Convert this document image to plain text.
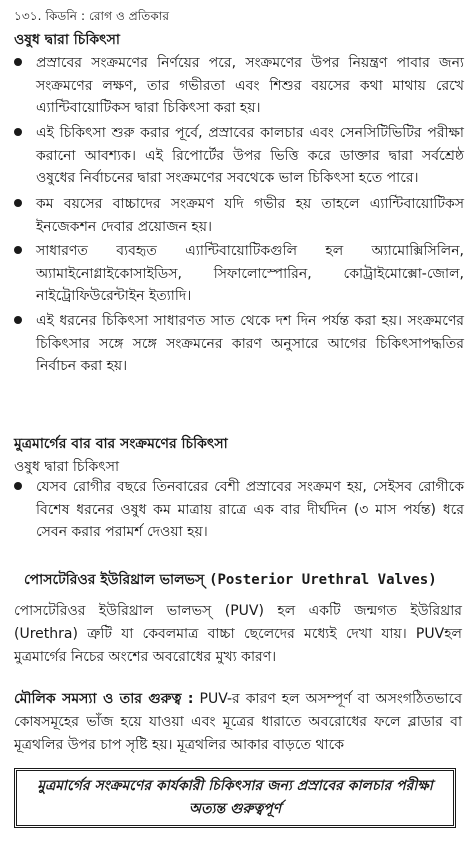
১৩১. কিডনি : রোগ ও প্রতিকার
ওষুধ দ্বারা চিকিৎসা
প্রস্রাবের সংক্রমণের নির্ণয়ের পরে, সংক্রমণের উপর নিয়ন্ত্রণ পাবার জন্য সংক্রমণের লক্ষণ, তার গভীরতা এবং শিশুর বয়সের কথা মাথায় রেখে এ্যান্টিবায়োটিকস দ্বারা চিকিৎসা করা হয়।
এই চিকিৎসা শুরু করার পূর্বে, প্রস্রাবের কালচার এবং সেনসিটিভিটির পরীক্ষা করানো আবশ্যক। এই রিপোর্টের উপর ভিত্তি করে ডাক্তার দ্বারা সর্বশ্রেষ্ঠ ওষুধের নির্বাচনের দ্বারা সংক্রমণের সবথেকে ভাল চিকিৎসা হতে পারে।
কম বয়সের বাচ্চাদের সংক্রমণ যদি গভীর হয় তাহলে এ্যান্টিবায়োটিকস ইনজেকশন দেবার প্রয়োজন হয়।
সাধারণত ব্যবহৃত এ্যান্টিবায়োটিকগুলি হল অ্যামোক্সিসিলিন, অ্যামাইনোগ্লাইকোসাইডিস, সিফালোস্পোরিন, কোট্রাইমোক্সো-জোল, নাইট্রোফিউরেন্টাইন ইত্যাদি।
এই ধরনের চিকিৎসা সাধারণত সাত থেকে দশ দিন পর্যন্ত করা হয়। সংক্রমণের চিকিৎসার সঙ্গে সঙ্গে সংক্রমনের কারণ অনুসারে আগের চিকিৎসাপদ্ধতির নির্বাচন করা হয়।
মুত্রমার্গের বার বার সংক্রমণের চিকিৎসা
ওষুধ দ্বারা চিকিৎসা
যেসব রোগীর বছরে তিনবারের বেশী প্রস্রাবের সংক্রমণ হয়, সেইসব রোগীকে বিশেষ ধরনের ওষুধ কম মাত্রায় রাত্রে এক বার দীর্ঘদিন (৩ মাস পর্যন্ত) ধরে সেবন করার পরামর্শ দেওয়া হয়।
পোসটেরিওর ইউরিথ্রাল ভালভস্ (Posterior Urethral Valves)
পোসটেরিওর ইউরিথ্রাল ভালভস্ (PUV) হল একটি জন্মগত ইউরিথ্রার (Urethra) ত্রুটি যা কেবলমাত্র বাচ্চা ছেলেদের মধ্যেই দেখা যায়। PUVহল মুত্রমার্গের নিচের অংশের অবরোধের মুখ্য কারণ।
মৌলিক সমস্যা ও তার গুরুত্ব : PUV-র কারণ হল অসম্পূর্ণ বা অসংগঠিতভাবে কোষসমূহের ভাঁজ হয়ে যাওয়া এবং মূত্রের ধারাতে অবরোধের ফলে ব্লাডার বা মূত্রথলির উপর চাপ সৃষ্টি হয়। মূত্রথলির আকার বাড়তে থাকে
মুত্রমার্গের সংক্রমণের কার্যকারী চিকিৎসার জন্য প্রস্রাবের কালচার পরীক্ষা অত্যন্ত গুরুত্বপূর্ণ
